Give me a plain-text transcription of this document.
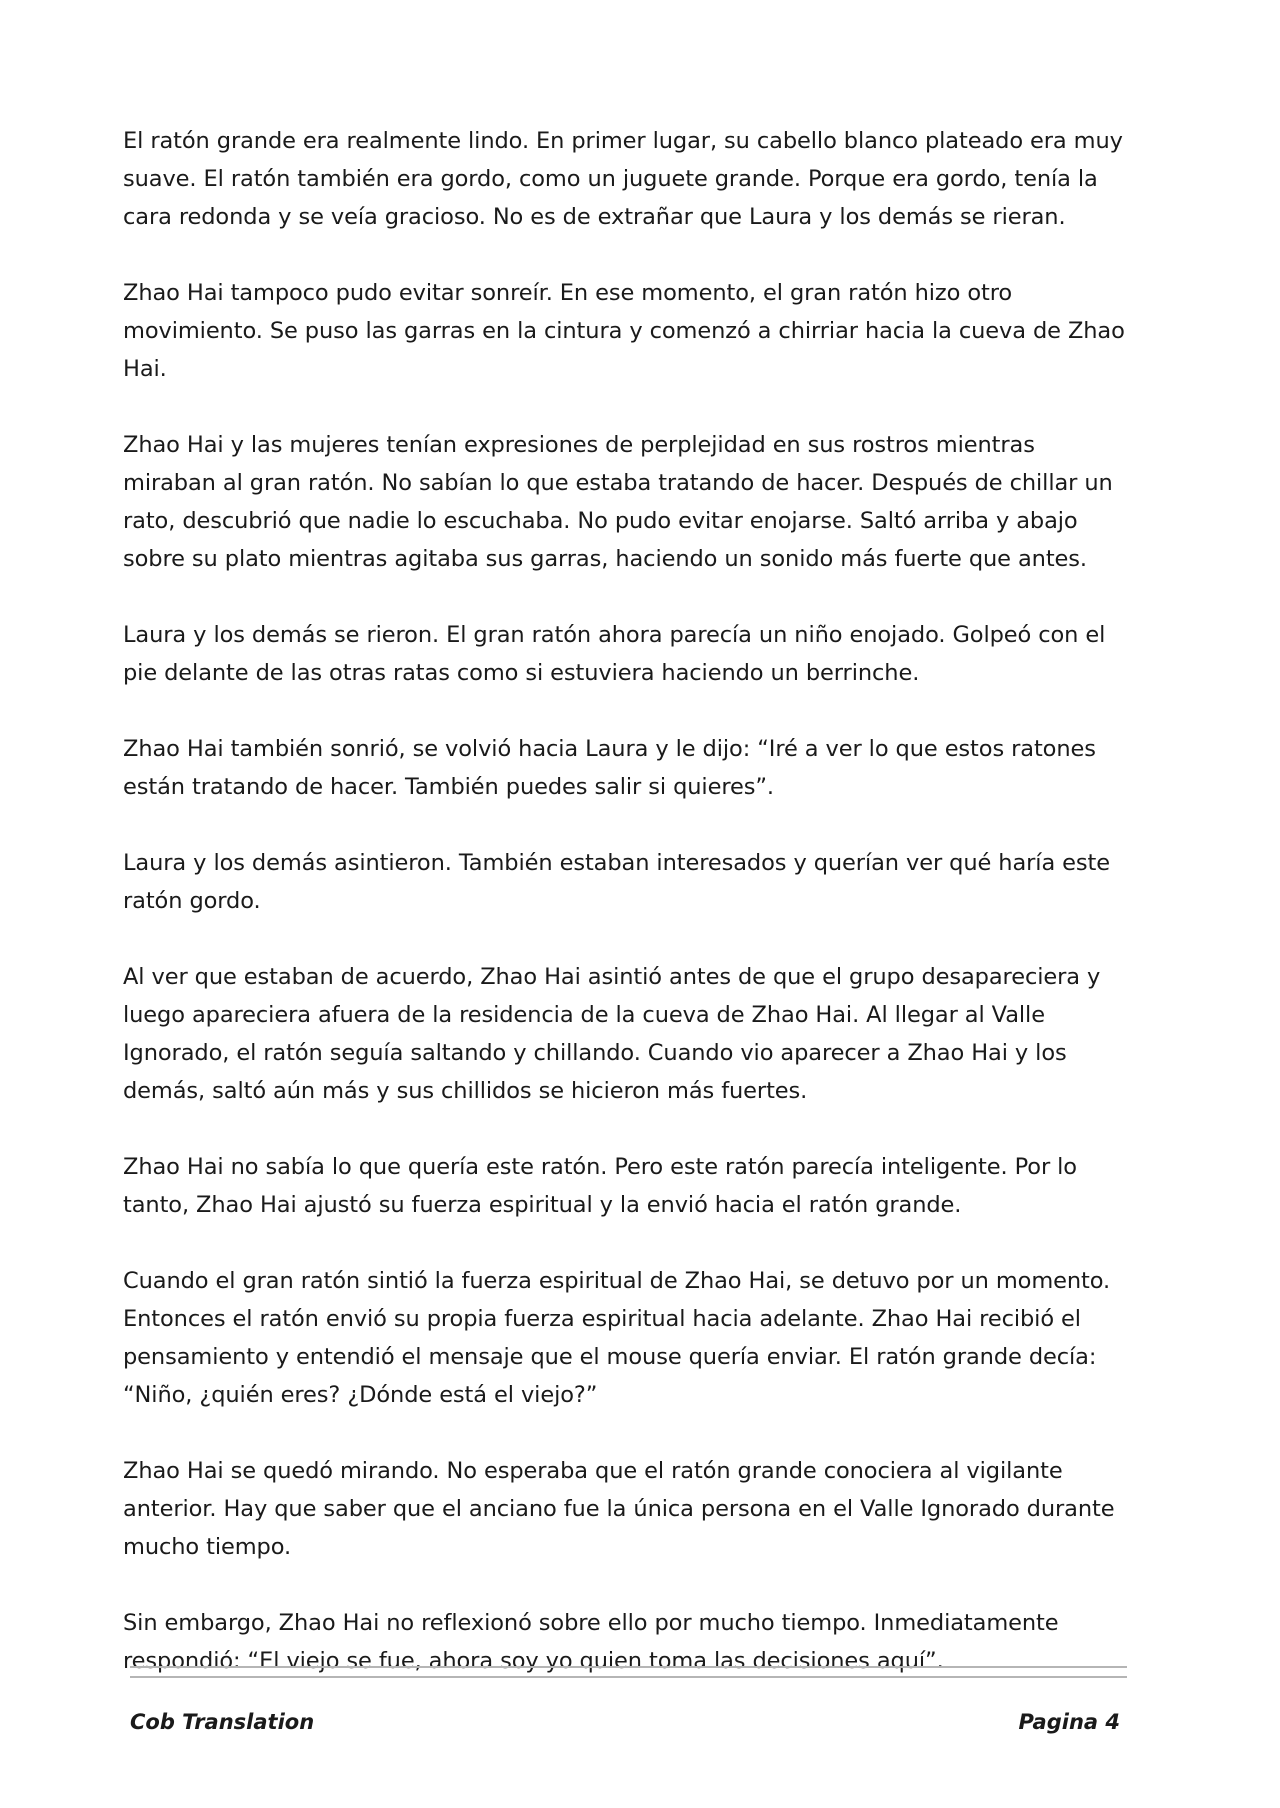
El ratón grande era realmente lindo. En primer lugar, su cabello blanco plateado era muy suave. El ratón también era gordo, como un juguete grande. Porque era gordo, tenía la cara redonda y se veía gracioso. No es de extrañar que Laura y los demás se rieran.

Zhao Hai tampoco pudo evitar sonreír. En ese momento, el gran ratón hizo otro movimiento. Se puso las garras en la cintura y comenzó a chirriar hacia la cueva de Zhao Hai.

Zhao Hai y las mujeres tenían expresiones de perplejidad en sus rostros mientras miraban al gran ratón. No sabían lo que estaba tratando de hacer. Después de chillar un rato, descubrió que nadie lo escuchaba. No pudo evitar enojarse. Saltó arriba y abajo sobre su plato mientras agitaba sus garras, haciendo un sonido más fuerte que antes.

Laura y los demás se rieron. El gran ratón ahora parecía un niño enojado. Golpeó con el pie delante de las otras ratas como si estuviera haciendo un berrinche.

Zhao Hai también sonrió, se volvió hacia Laura y le dijo: “Iré a ver lo que estos ratones están tratando de hacer. También puedes salir si quieres”.

Laura y los demás asintieron. También estaban interesados y querían ver qué haría este ratón gordo.

Al ver que estaban de acuerdo, Zhao Hai asintió antes de que el grupo desapareciera y luego apareciera afuera de la residencia de la cueva de Zhao Hai. Al llegar al Valle Ignorado, el ratón seguía saltando y chillando. Cuando vio aparecer a Zhao Hai y los demás, saltó aún más y sus chillidos se hicieron más fuertes.

Zhao Hai no sabía lo que quería este ratón. Pero este ratón parecía inteligente. Por lo tanto, Zhao Hai ajustó su fuerza espiritual y la envió hacia el ratón grande.

Cuando el gran ratón sintió la fuerza espiritual de Zhao Hai, se detuvo por un momento. Entonces el ratón envió su propia fuerza espiritual hacia adelante. Zhao Hai recibió el pensamiento y entendió el mensaje que el mouse quería enviar. El ratón grande decía: “Niño, ¿quién eres? ¿Dónde está el viejo?”

Zhao Hai se quedó mirando. No esperaba que el ratón grande conociera al vigilante anterior. Hay que saber que el anciano fue la única persona en el Valle Ignorado durante mucho tiempo.

Sin embargo, Zhao Hai no reflexionó sobre ello por mucho tiempo. Inmediatamente respondió: “El viejo se fue, ahora soy yo quien toma las decisiones aquí”.

Cob Translation	Pagina 4
